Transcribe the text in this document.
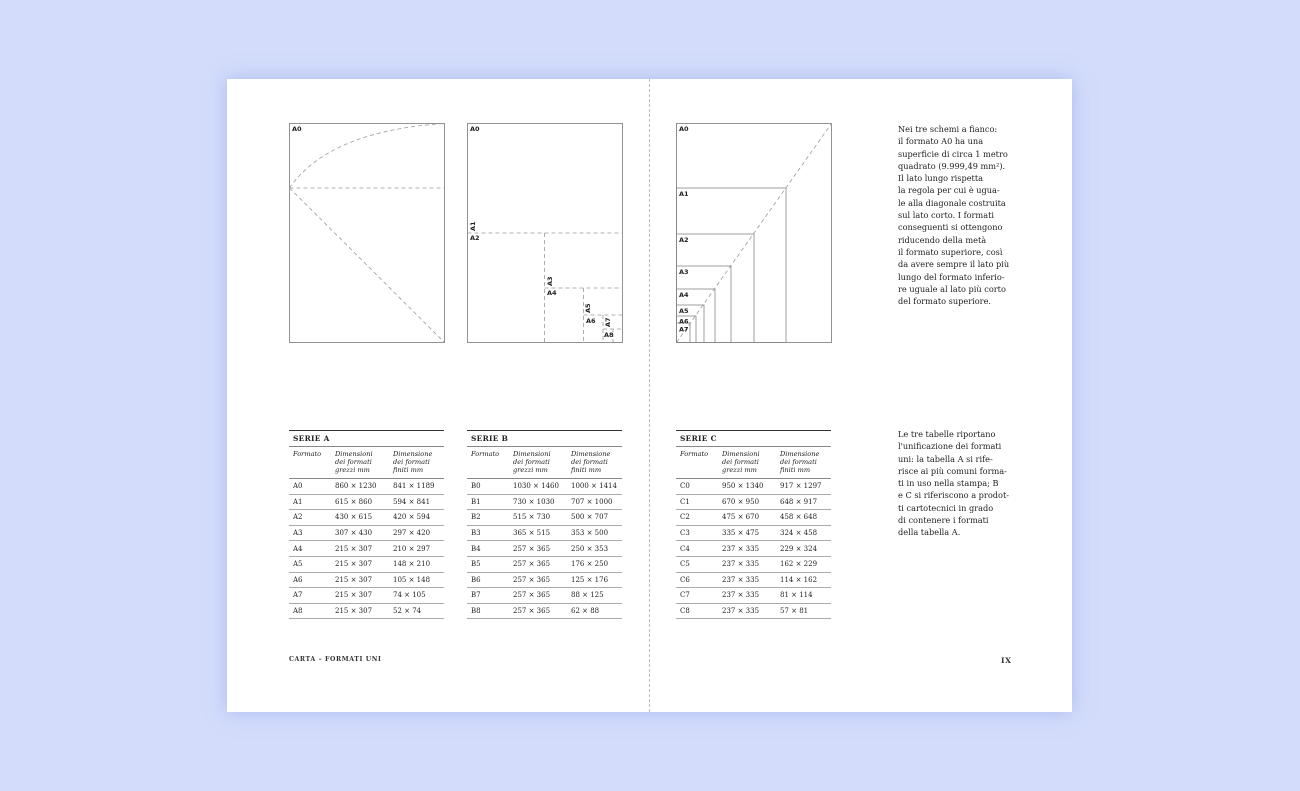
A0	A0
A1
A2
A3
A4
A5
A6 A7
A8
A0
A1
A2
A3
A4
A5
A6
A7
Nei tre schemi a fianco:
il formato A0 ha una
superficie di circa 1 metro
quadrato (9.999,49 mm²).
Il lato lungo rispetta
la regola per cui è ugua-
le alla diagonale costruita
sul lato corto. I formati
conseguenti si ottengono
riducendo della metà
il formato superiore, così
da avere sempre il lato più
lungo del formato inferio-
re uguale al lato più corto
del formato superiore.
Le tre tabelle riportano
l'unificazione dei formati
uni: la tabella A si rife-
risce ai più comuni forma-
ti in uso nella stampa; B
e C si riferiscono a prodot-
ti cartotecnici in grado
di contenere i formati
della tabella A.
SERIE A		
Formato	Dimensioni
dei formati
grezzi mm	Dimensione
dei formati
finiti mm
A0	860 × 1230	841 × 1189
A1	615 × 860	594 × 841
A2	430 × 615	420 × 594
A3	307 × 430	297 × 420
A4	215 × 307	210 × 297
A5	215 × 307	148 × 210
A6	215 × 307	105 × 148
A7	215 × 307	74 × 105
A8	215 × 307	52 × 74
SERIE B		
Formato	Dimensioni
dei formati
grezzi mm	Dimensione
dei formati
finiti mm
B0	1030 × 1460	1000 × 1414
B1	730 × 1030	707 × 1000
B2	515 × 730	500 × 707
B3	365 × 515	353 × 500
B4	257 × 365	250 × 353
B5	257 × 365	176 × 250
B6	257 × 365	125 × 176
B7	257 × 365	88 × 125
B8	257 × 365	62 × 88
SERIE C		
Formato	Dimensioni
dei formati
grezzi mm	Dimensione
dei formati
finiti mm
C0	950 × 1340	917 × 1297
C1	670 × 950	648 × 917
C2	475 × 670	458 × 648
C3	335 × 475	324 × 458
C4	237 × 335	229 × 324
C5	237 × 335	162 × 229
C6	237 × 335	114 × 162
C7	237 × 335	81 × 114
C8	237 × 335	57 × 81
CARTA – FORMATI UNI	IX
